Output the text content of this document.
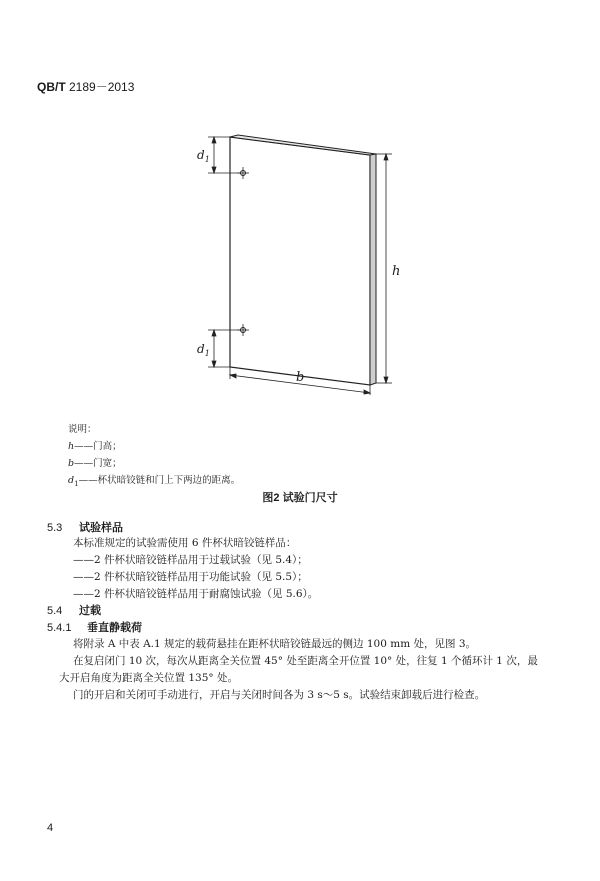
QB/T 2189－2013
$d_1$
$d_1$
h
b
说明：
h——门高；
b——门宽；
$d_1——$杯状暗铰链和门上下两边的距离。
图2 试验门尺寸
5.3 试验样品
本标准规定的试验需使用 6 件杯状暗铰链样品：
——2 件杯状暗铰链样品用于过载试验（见 5.4）；
——2 件杯状暗铰链样品用于功能试验（见 5.5）；
——2 件杯状暗铰链样品用于耐腐蚀试验（见 5.6）。
5.4 过载
5.4.1 垂直静载荷
将附录 A 中表 A.1 规定的载荷悬挂在距杯状暗铰链最远的侧边 100 mm 处，见图 3。
在复启闭门 10 次，每次从距离全关位置 45° 处至距离全开位置 10° 处，往复 1 个循环计 1 次，最
大开启角度为距离全关位置 135° 处。
门的开启和关闭可手动进行，开启与关闭时间各为 3 s～5 s。试验结束卸载后进行检查。
4
